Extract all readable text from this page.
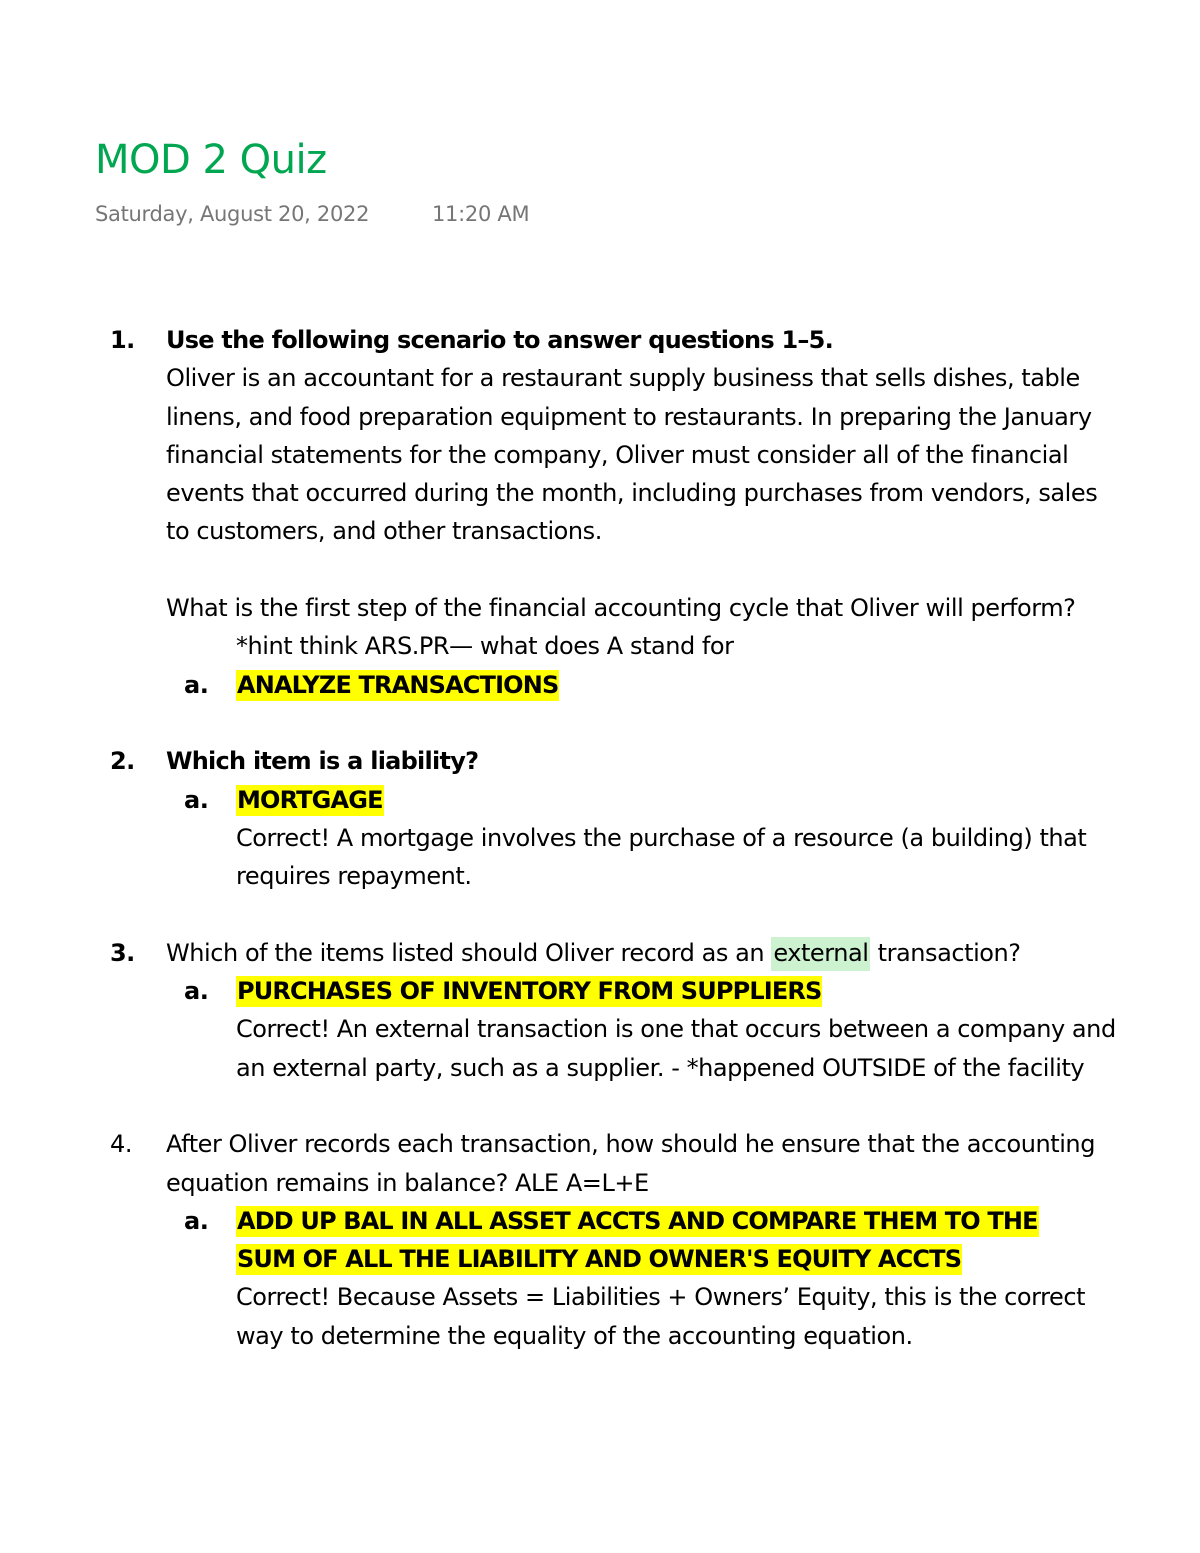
MOD 2 Quiz
Saturday, August 20, 2022	11:20 AM
1. Use the following scenario to answer questions 1–5.
Oliver is an accountant for a restaurant supply business that sells dishes, table linens, and food preparation equipment to restaurants. In preparing the January financial statements for the company, Oliver must consider all of the financial events that occurred during the month, including purchases from vendors, sales to customers, and other transactions.
What is the first step of the financial accounting cycle that Oliver will perform?
*hint think ARS.PR— what does A stand for
a. ANALYZE TRANSACTIONS
2. Which item is a liability?
a. MORTGAGE
Correct! A mortgage involves the purchase of a resource (a building) that requires repayment.
3. Which of the items listed should Oliver record as an external transaction?
a. PURCHASES OF INVENTORY FROM SUPPLIERS
Correct! An external transaction is one that occurs between a company and an external party, such as a supplier. - *happened OUTSIDE of the facility
4. After Oliver records each transaction, how should he ensure that the accounting equation remains in balance? ALE A=L+E
a. ADD UP BAL IN ALL ASSET ACCTS AND COMPARE THEM TO THE
SUM OF ALL THE LIABILITY AND OWNER'S EQUITY ACCTS
Correct! Because Assets = Liabilities + Owners’ Equity, this is the correct way to determine the equality of the accounting equation.
